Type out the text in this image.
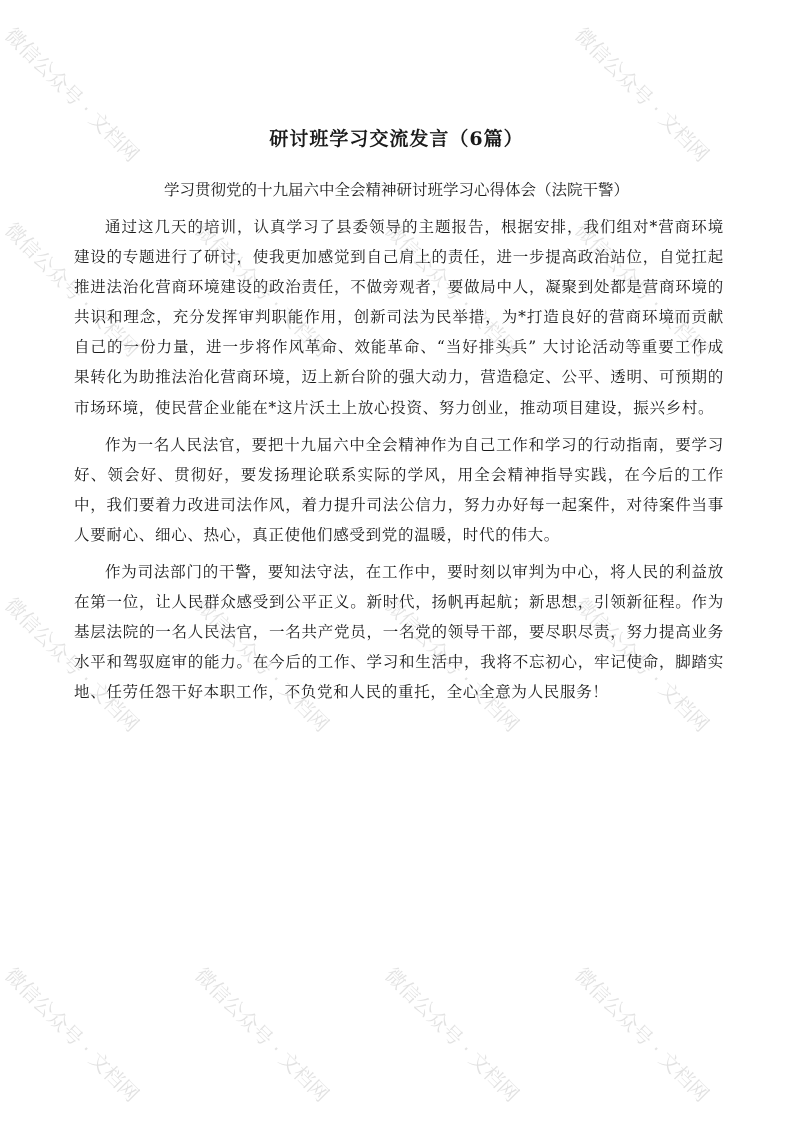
研讨班学习交流发言（6篇）
学习贯彻党的十九届六中全会精神研讨班学习心得体会（法院干警）

通过这几天的培训，认真学习了县委领导的主题报告，根据安排，我们组对*营商环境建设的专题进行了研讨，使我更加感觉到自己肩上的责任，进一步提高政治站位，自觉扛起推进法治化营商环境建设的政治责任，不做旁观者，要做局中人，凝聚到处都是营商环境的共识和理念，充分发挥审判职能作用，创新司法为民举措，为*打造良好的营商环境而贡献自己的一份力量，进一步将作风革命、效能革命、“当好排头兵” 大讨论活动等重要工作成果转化为助推法治化营商环境，迈上新台阶的强大动力，营造稳定、公平、透明、可预期的市场环境，使民营企业能在*这片沃土上放心投资、努力创业，推动项目建设，振兴乡村。

作为一名人民法官，要把十九届六中全会精神作为自己工作和学习的行动指南，要学习好、领会好、贯彻好，要发扬理论联系实际的学风，用全会精神指导实践，在今后的工作中，我们要着力改进司法作风，着力提升司法公信力，努力办好每一起案件，对待案件当事人要耐心、细心、热心，真正使他们感受到党的温暖，时代的伟大。

作为司法部门的干警，要知法守法，在工作中，要时刻以审判为中心，将人民的利益放在第一位，让人民群众感受到公平正义。新时代，扬帆再起航；新思想，引领新征程。作为基层法院的一名人民法官，一名共产党员，一名党的领导干部，要尽职尽责，努力提高业务水平和驾驭庭审的能力。在今后的工作、学习和生活中，我将不忘初心，牢记使命，脚踏实地、任劳任怨干好本职工作，不负党和人民的重托，全心全意为人民服务！

微信公众号 · 文档网	微信公众号 · 文档网
微信公众号 · 文档网 微信公众号 · 文档网 微信公众号 · 文档网 微信公众号 · 文档网
微信公众号 · 文档网 微信公众号 · 文档网 微信公众号 · 文档网 微信公众号 · 文档网
微信公众号 · 文档网 微信公众号 · 文档网 微信公众号 · 文档网 微信公众号 · 文档网
